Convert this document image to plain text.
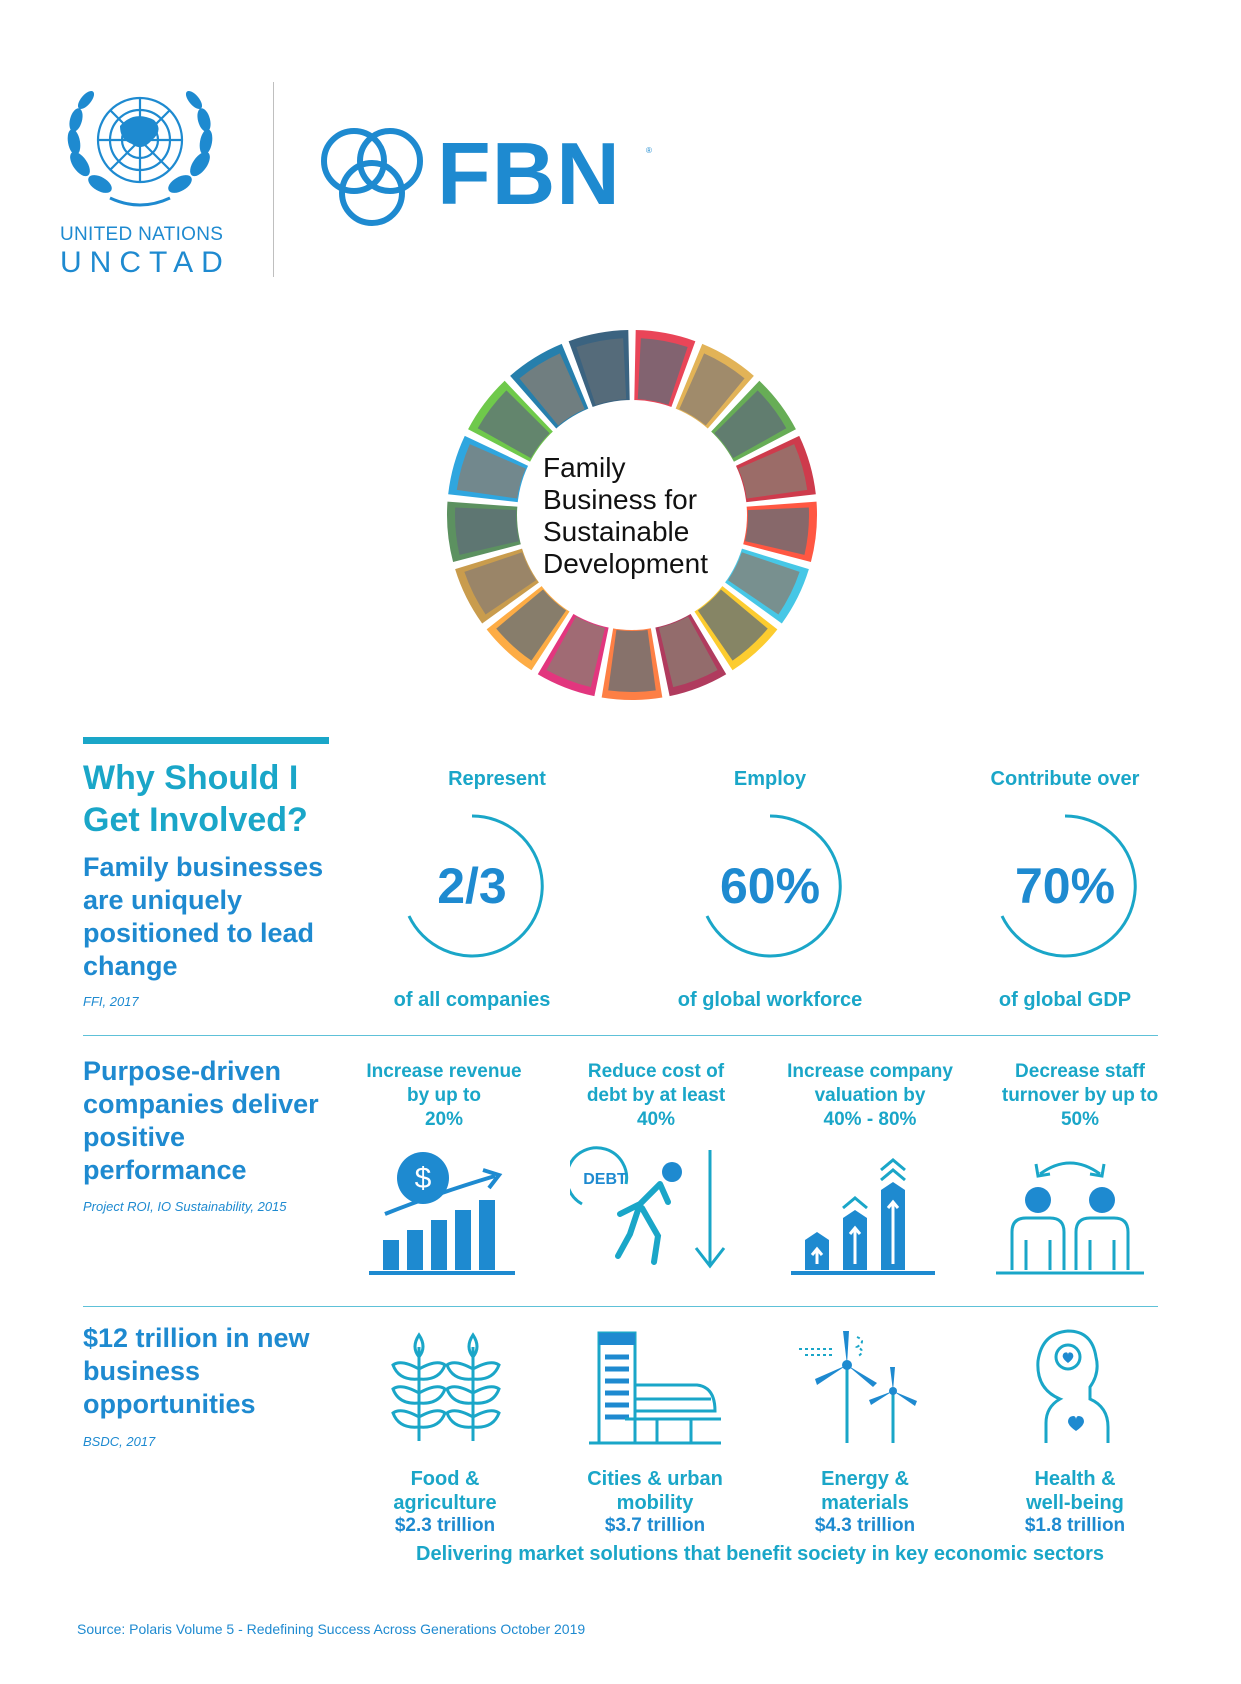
UNITED NATIONS
UNCTAD
FBN	®
Family
Business for
Sustainable
Development
Why Should I Get Involved?
Family businesses are uniquely positioned to lead change
FFI, 2017
Represent
2/3
of all companies
Employ
60%
of global workforce
Contribute over
70%
of global GDP
Purpose-driven companies deliver positive performance
Project ROI, IO Sustainability, 2015
Increase revenue
by up to
20%
Reduce cost of
debt by at least
40%
Increase company
valuation by
40% - 80%
Decrease staff
turnover by up to
50%
$	DEBT
$12 trillion in new business opportunities
BSDC, 2017
Food &
agriculture
$2.3 trillion
Cities & urban
mobility
$3.7 trillion
Energy &
materials
$4.3 trillion
Health &
well-being
$1.8 trillion
Delivering market solutions that benefit society in key economic sectors
Source: Polaris Volume 5 - Redefining Success Across Generations October 2019
